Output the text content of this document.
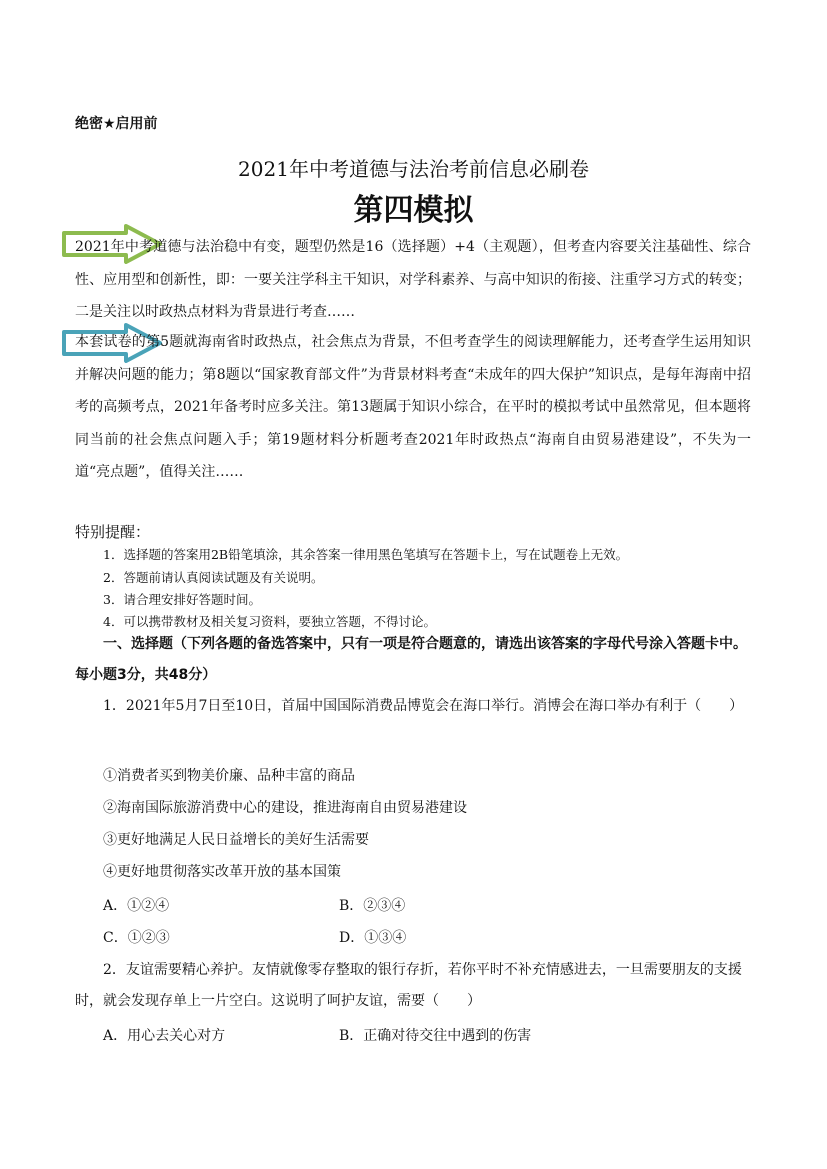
绝密★启用前
2021年中考道德与法治考前信息必刷卷
第四模拟
2021年中考道德与法治稳中有变，题型仍然是16（选择题）+4（主观题），但考查内容要关注基础性、综合性、应用型和创新性，即：一要关注学科主干知识，对学科素养、与高中知识的衔接、注重学习方式的转变；二是关注以时政热点材料为背景进行考查……
本套试卷的第5题就海南省时政热点，社会焦点为背景，不但考查学生的阅读理解能力，还考查学生运用知识并解决问题的能力；第8题以“国家教育部文件”为背景材料考查“未成年的四大保护”知识点，是每年海南中招考的高频考点，2021年备考时应多关注。第13题属于知识小综合，在平时的模拟考试中虽然常见，但本题将同当前的社会焦点问题入手；第19题材料分析题考查2021年时政热点“海南自由贸易港建设”，不失为一道“亮点题”，值得关注……
特别提醒：
1．选择题的答案用2B铅笔填涂，其余答案一律用黑色笔填写在答题卡上，写在试题卷上无效。
2．答题前请认真阅读试题及有关说明。
3．请合理安排好答题时间。
4．可以携带教材及相关复习资料，要独立答题，不得讨论。
一、选择题（下列各题的备选答案中，只有一项是符合题意的，请选出该答案的字母代号涂入答题卡中。每小题3分，共48分）
1．2021年5月7日至10日，首届中国国际消费品博览会在海口举行。消博会在海口举办有利于（　　）
①消费者买到物美价廉、品种丰富的商品
②海南国际旅游消费中心的建设，推进海南自由贸易港建设
③更好地满足人民日益增长的美好生活需要
④更好地贯彻落实改革开放的基本国策
A．①②④	B．②③④
C．①②③	D．①③④
2．友谊需要精心养护。友情就像零存整取的银行存折，若你平时不补充情感进去，一旦需要朋友的支援时，就会发现存单上一片空白。这说明了呵护友谊，需要（　　）
A．用心去关心对方	B．正确对待交往中遇到的伤害
